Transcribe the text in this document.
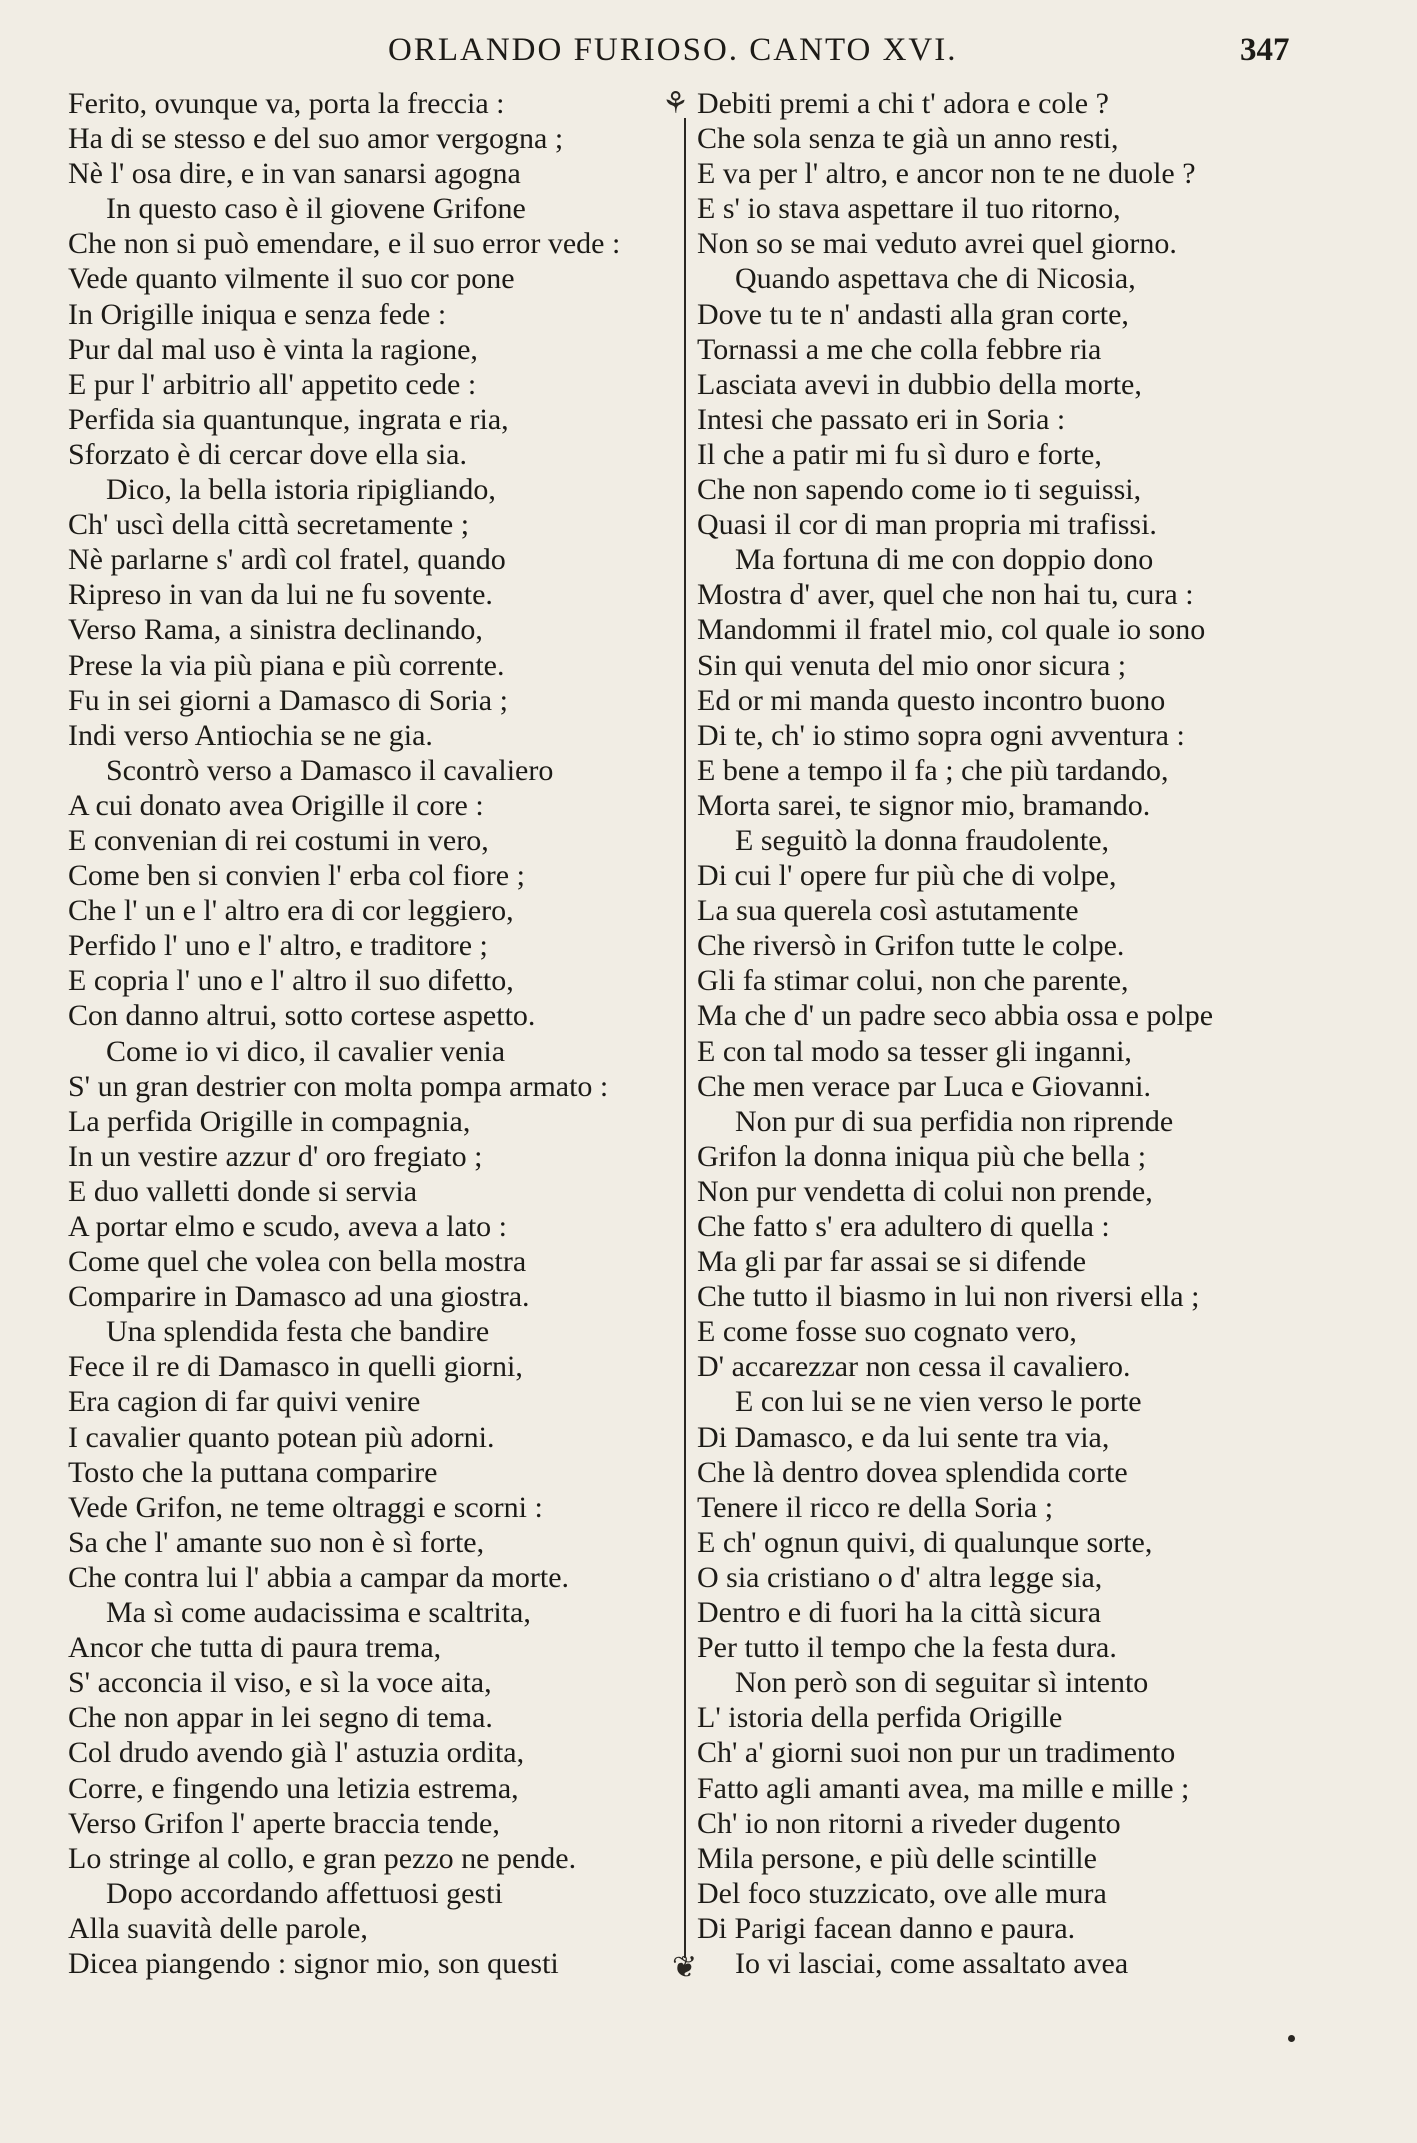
ORLANDO FURIOSO. CANTO XVI.	347
⚘
❦
Ferito, ovunque va, porta la freccia :
Ha di se stesso e del suo amor vergogna ;
Nè l' osa dire, e in van sanarsi agogna
In questo caso è il giovene Grifone
Che non si può emendare, e il suo error vede :
Vede quanto vilmente il suo cor pone
In Origille iniqua e senza fede :
Pur dal mal uso è vinta la ragione,
E pur l' arbitrio all' appetito cede :
Perfida sia quantunque, ingrata e ria,
Sforzato è di cercar dove ella sia.
Dico, la bella istoria ripigliando,
Ch' uscì della città secretamente ;
Nè parlarne s' ardì col fratel, quando
Ripreso in van da lui ne fu sovente.
Verso Rama, a sinistra declinando,
Prese la via più piana e più corrente.
Fu in sei giorni a Damasco di Soria ;
Indi verso Antiochia se ne gia.
Scontrò verso a Damasco il cavaliero
A cui donato avea Origille il core :
E convenian di rei costumi in vero,
Come ben si convien l' erba col fiore ;
Che l' un e l' altro era di cor leggiero,
Perfido l' uno e l' altro, e traditore ;
E copria l' uno e l' altro il suo difetto,
Con danno altrui, sotto cortese aspetto.
Come io vi dico, il cavalier venia
S' un gran destrier con molta pompa armato :
La perfida Origille in compagnia,
In un vestire azzur d' oro fregiato ;
E duo valletti donde si servia
A portar elmo e scudo, aveva a lato :
Come quel che volea con bella mostra
Comparire in Damasco ad una giostra.
Una splendida festa che bandire
Fece il re di Damasco in quelli giorni,
Era cagion di far quivi venire
I cavalier quanto potean più adorni.
Tosto che la puttana comparire
Vede Grifon, ne teme oltraggi e scorni :
Sa che l' amante suo non è sì forte,
Che contra lui l' abbia a campar da morte.
Ma sì come audacissima e scaltrita,
Ancor che tutta di paura trema,
S' acconcia il viso, e sì la voce aita,
Che non appar in lei segno di tema.
Col drudo avendo già l' astuzia ordita,
Corre, e fingendo una letizia estrema,
Verso Grifon l' aperte braccia tende,
Lo stringe al collo, e gran pezzo ne pende.
Dopo accordando affettuosi gesti
Alla suavità delle parole,
Dicea piangendo : signor mio, son questi
Debiti premi a chi t' adora e cole ?
Che sola senza te già un anno resti,
E va per l' altro, e ancor non te ne duole ?
E s' io stava aspettare il tuo ritorno,
Non so se mai veduto avrei quel giorno.
Quando aspettava che di Nicosia,
Dove tu te n' andasti alla gran corte,
Tornassi a me che colla febbre ria
Lasciata avevi in dubbio della morte,
Intesi che passato eri in Soria :
Il che a patir mi fu sì duro e forte,
Che non sapendo come io ti seguissi,
Quasi il cor di man propria mi trafissi.
Ma fortuna di me con doppio dono
Mostra d' aver, quel che non hai tu, cura :
Mandommi il fratel mio, col quale io sono
Sin qui venuta del mio onor sicura ;
Ed or mi manda questo incontro buono
Di te, ch' io stimo sopra ogni avventura :
E bene a tempo il fa ; che più tardando,
Morta sarei, te signor mio, bramando.
E seguitò la donna fraudolente,
Di cui l' opere fur più che di volpe,
La sua querela così astutamente
Che riversò in Grifon tutte le colpe.
Gli fa stimar colui, non che parente,
Ma che d' un padre seco abbia ossa e polpe
E con tal modo sa tesser gli inganni,
Che men verace par Luca e Giovanni.
Non pur di sua perfidia non riprende
Grifon la donna iniqua più che bella ;
Non pur vendetta di colui non prende,
Che fatto s' era adultero di quella :
Ma gli par far assai se si difende
Che tutto il biasmo in lui non riversi ella ;
E come fosse suo cognato vero,
D' accarezzar non cessa il cavaliero.
E con lui se ne vien verso le porte
Di Damasco, e da lui sente tra via,
Che là dentro dovea splendida corte
Tenere il ricco re della Soria ;
E ch' ognun quivi, di qualunque sorte,
O sia cristiano o d' altra legge sia,
Dentro e di fuori ha la città sicura
Per tutto il tempo che la festa dura.
Non però son di seguitar sì intento
L' istoria della perfida Origille
Ch' a' giorni suoi non pur un tradimento
Fatto agli amanti avea, ma mille e mille ;
Ch' io non ritorni a riveder dugento
Mila persone, e più delle scintille
Del foco stuzzicato, ove alle mura
Di Parigi facean danno e paura.
Io vi lasciai, come assaltato avea
